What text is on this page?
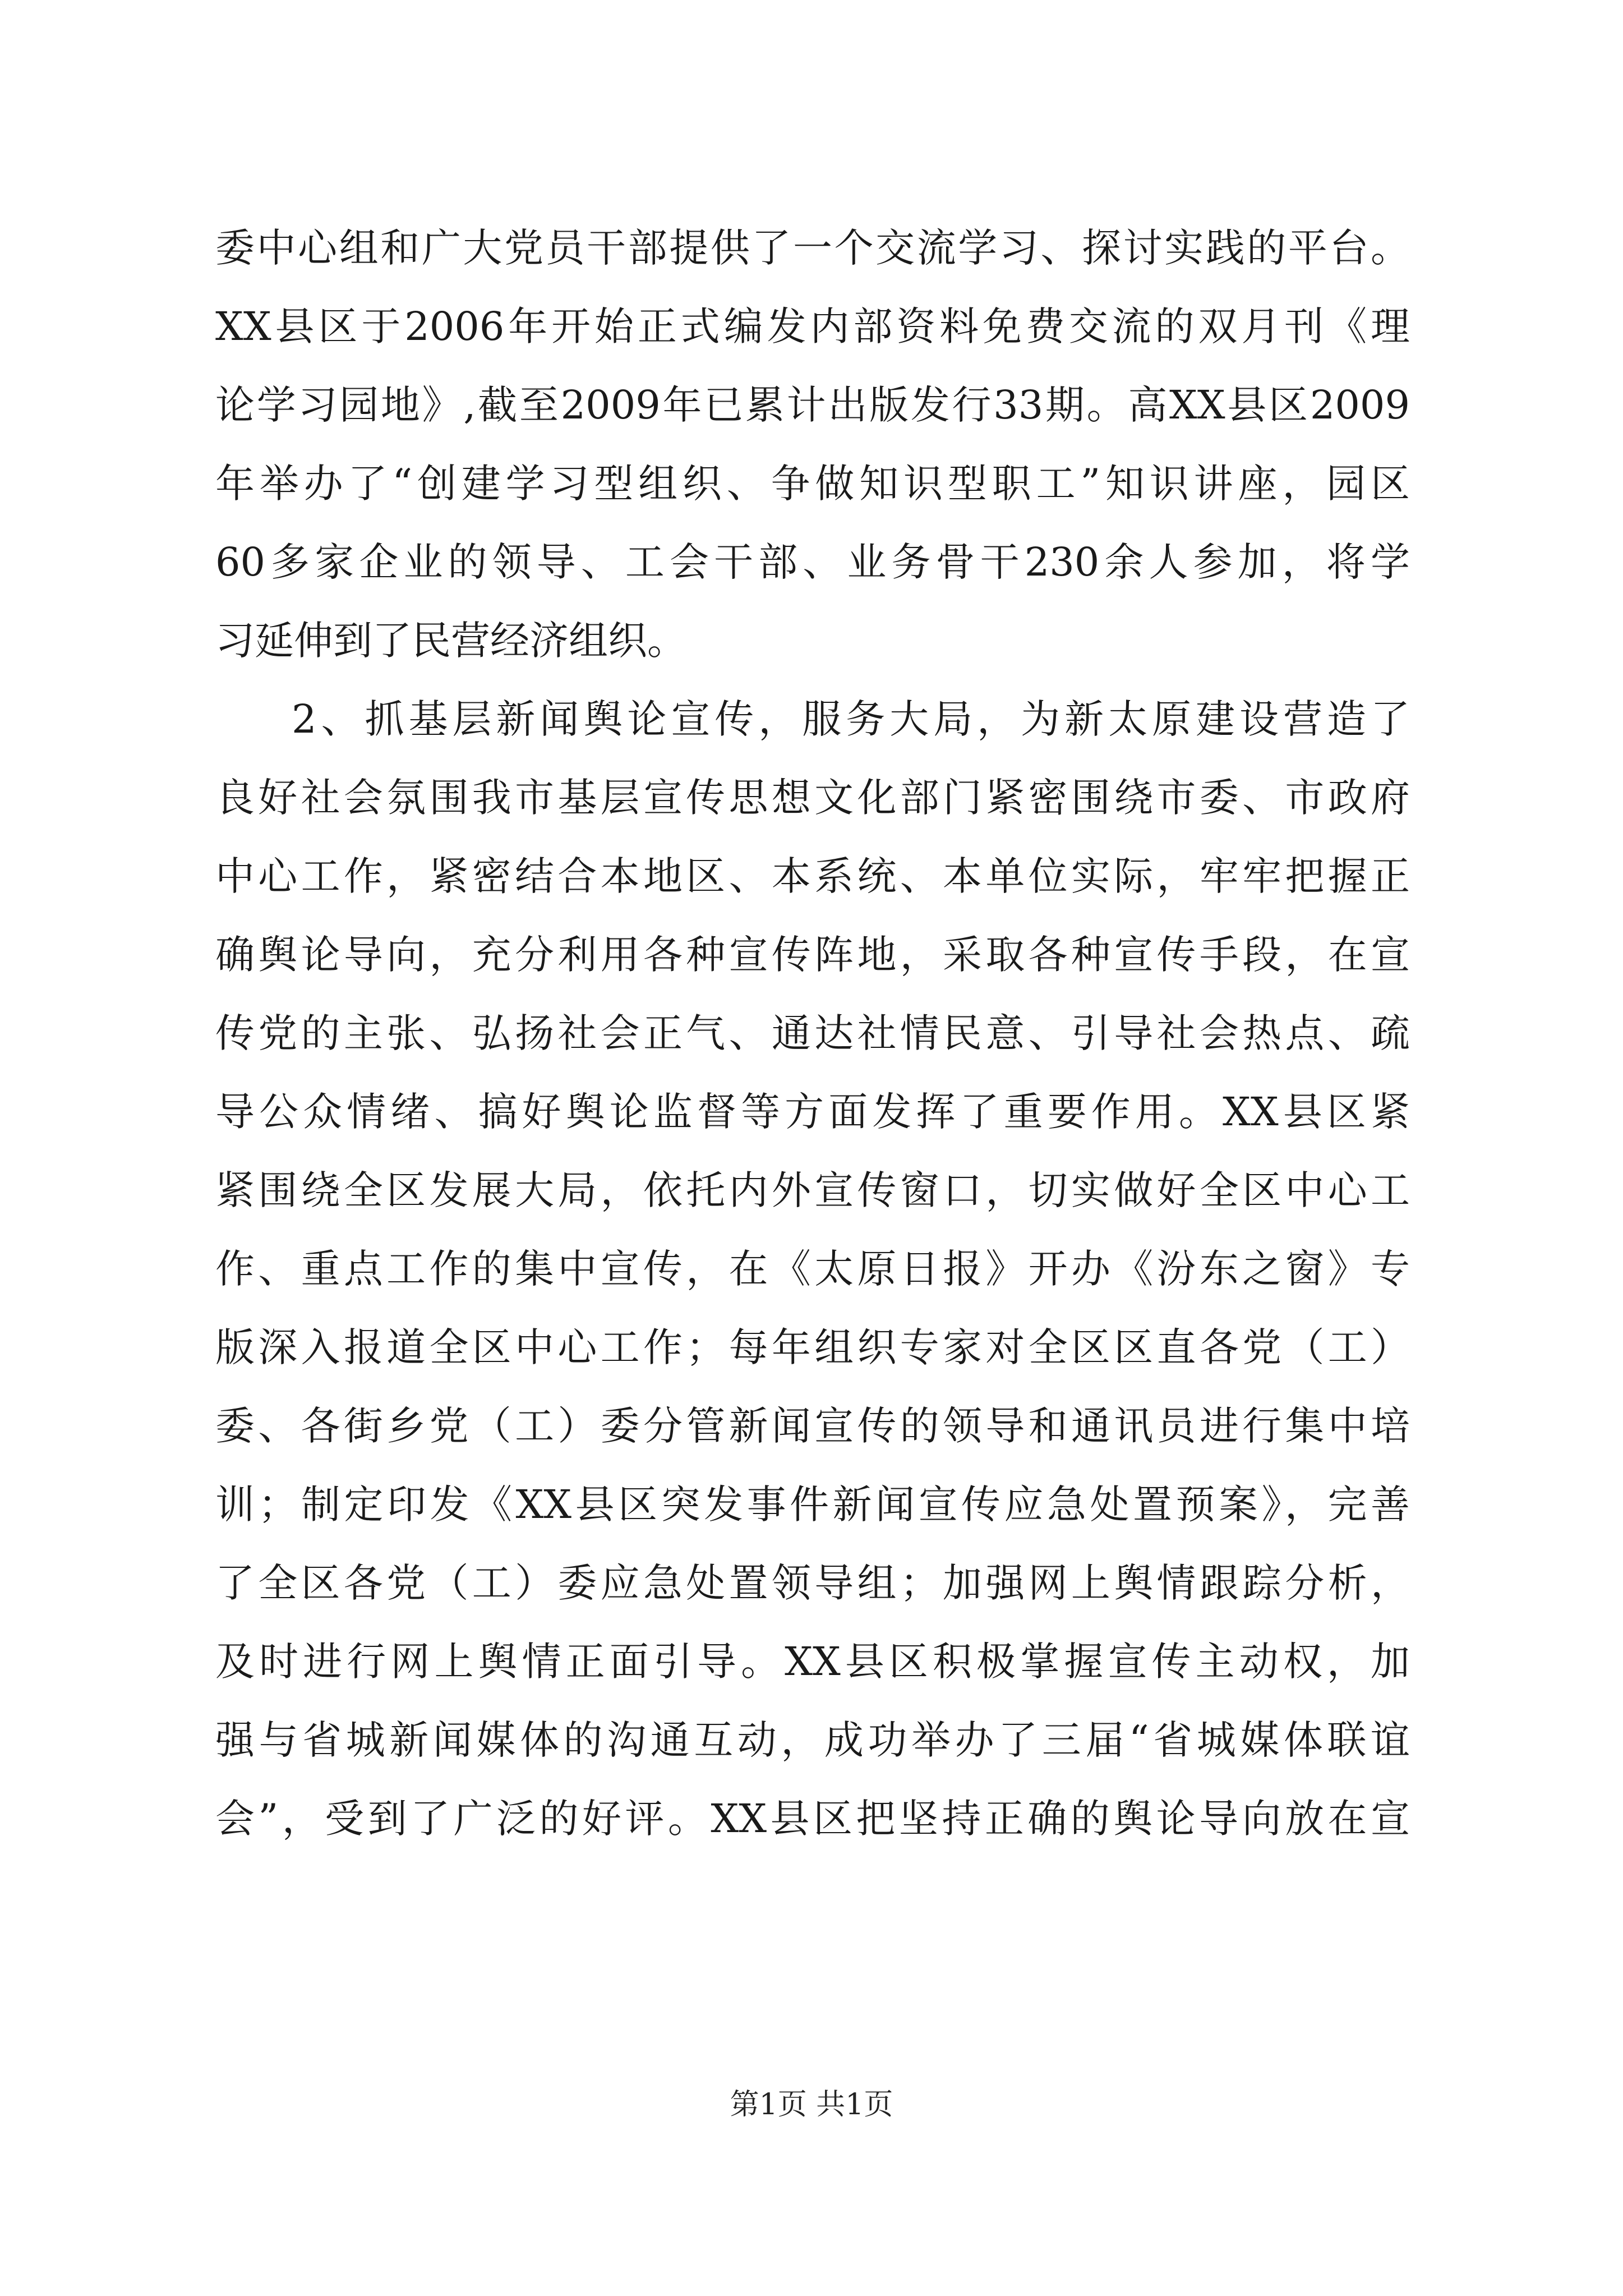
委中心组和广大党员干部提供了一个交流学习、探讨实践的平台。
XX县区于2006年开始正式编发内部资料免费交流的双月刊《理
论学习园地》,截至2009年已累计出版发行33期。高XX县区2009
年举办了“创建学习型组织、争做知识型职工”知识讲座，园区
60多家企业的领导、工会干部、业务骨干230余人参加，将学
习延伸到了民营经济组织。
2、抓基层新闻舆论宣传，服务大局，为新太原建设营造了
良好社会氛围我市基层宣传思想文化部门紧密围绕市委、市政府
中心工作，紧密结合本地区、本系统、本单位实际，牢牢把握正
确舆论导向，充分利用各种宣传阵地，采取各种宣传手段，在宣
传党的主张、弘扬社会正气、通达社情民意、引导社会热点、疏
导公众情绪、搞好舆论监督等方面发挥了重要作用。XX县区紧
紧围绕全区发展大局，依托内外宣传窗口，切实做好全区中心工
作、重点工作的集中宣传，在《太原日报》开办《汾东之窗》专
版深入报道全区中心工作；每年组织专家对全区区直各党（工）
委、各街乡党（工）委分管新闻宣传的领导和通讯员进行集中培
训；制定印发《XX县区突发事件新闻宣传应急处置预案》，完善
了全区各党（工）委应急处置领导组；加强网上舆情跟踪分析，
及时进行网上舆情正面引导。XX县区积极掌握宣传主动权，加
强与省城新闻媒体的沟通互动，成功举办了三届“省城媒体联谊
会”，受到了广泛的好评。XX县区把坚持正确的舆论导向放在宣
第1页 共1页
